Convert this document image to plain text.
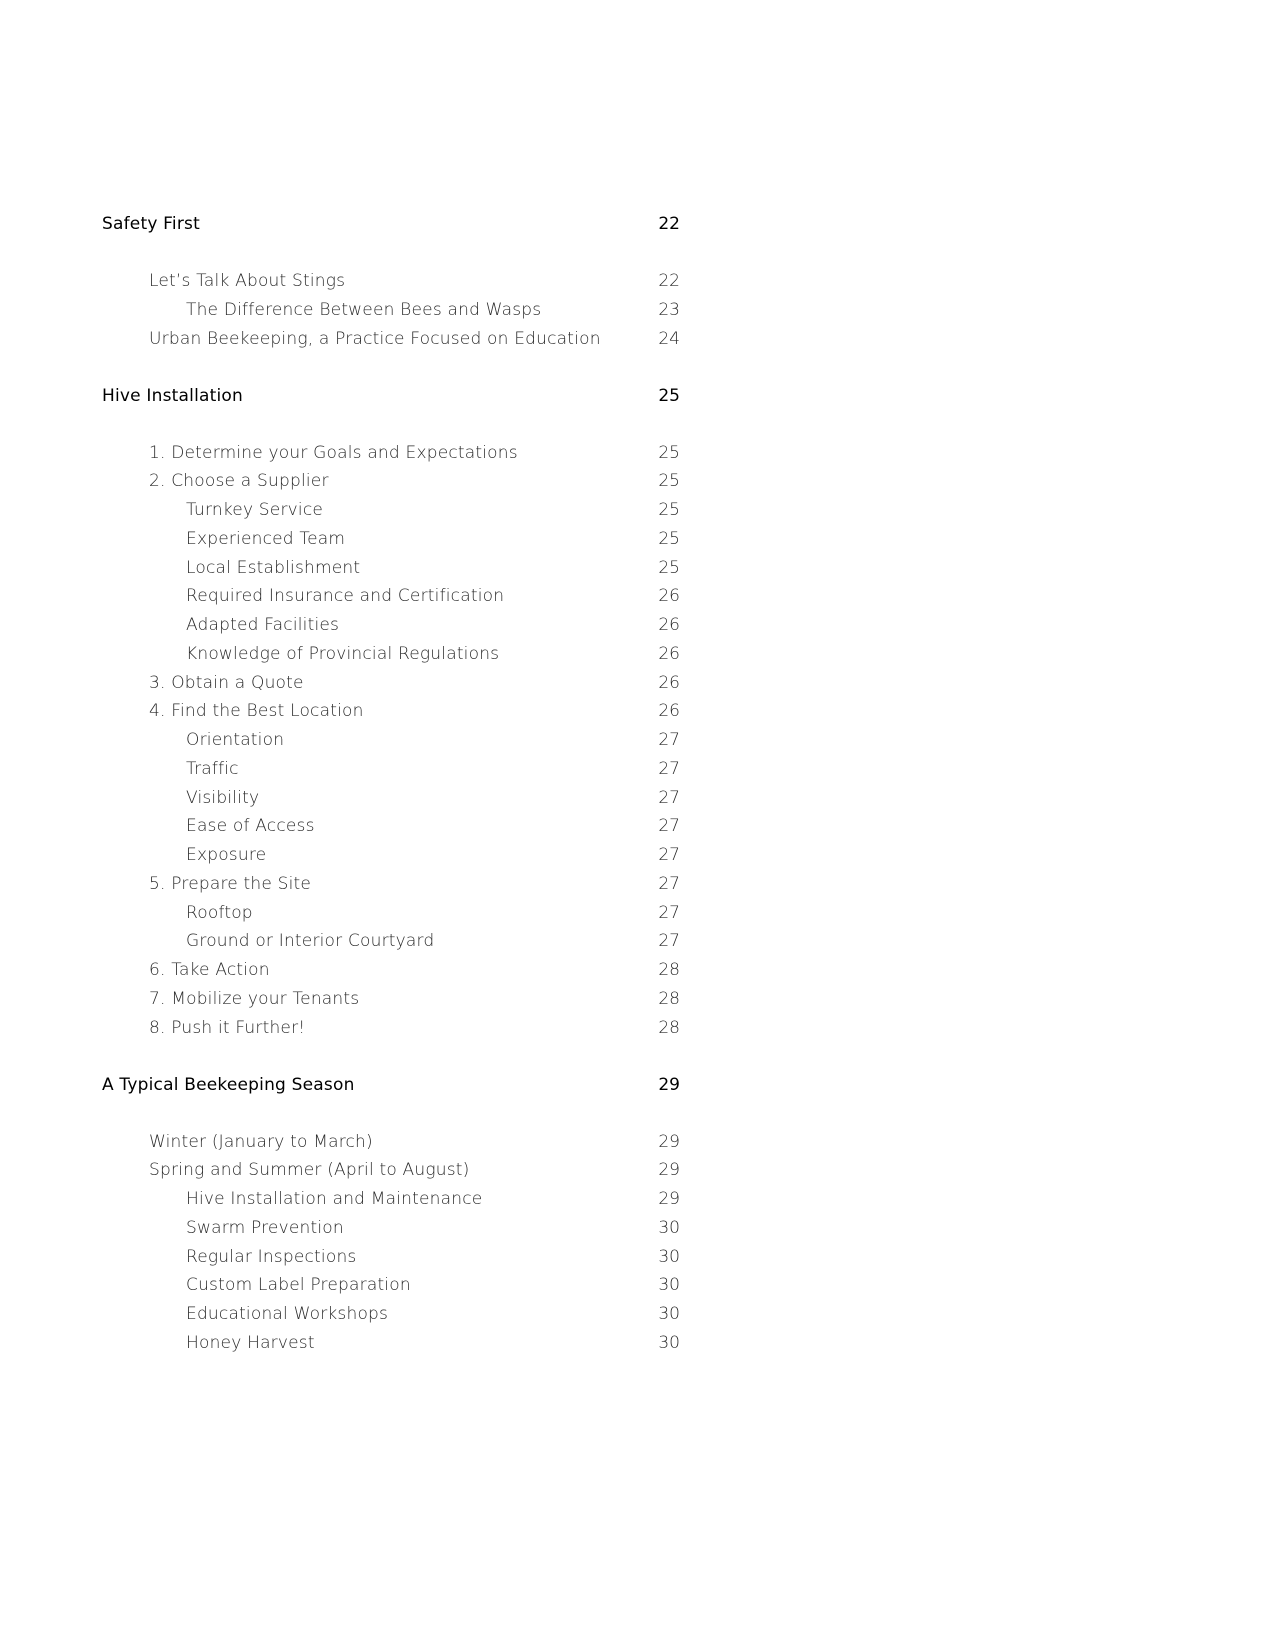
Safety First	22
Let’s Talk About Stings	22
The Difference Between Bees and Wasps	23
Urban Beekeeping, a Practice Focused on Education	24
Hive Installation	25
1. Determine your Goals and Expectations	25
2. Choose a Supplier	25
Turnkey Service	25
Experienced Team	25
Local Establishment	25
Required Insurance and Certification	26
Adapted Facilities	26
Knowledge of Provincial Regulations	26
3. Obtain a Quote	26
4. Find the Best Location	26
Orientation	27
Traffic	27
Visibility	27
Ease of Access	27
Exposure	27
5. Prepare the Site	27
Rooftop	27
Ground or Interior Courtyard	27
6. Take Action	28
7. Mobilize your Tenants	28
8. Push it Further!	28
A Typical Beekeeping Season	29
Winter (January to March)	29
Spring and Summer (April to August)	29
Hive Installation and Maintenance	29
Swarm Prevention	30
Regular Inspections	30
Custom Label Preparation	30
Educational Workshops	30
Honey Harvest	30
